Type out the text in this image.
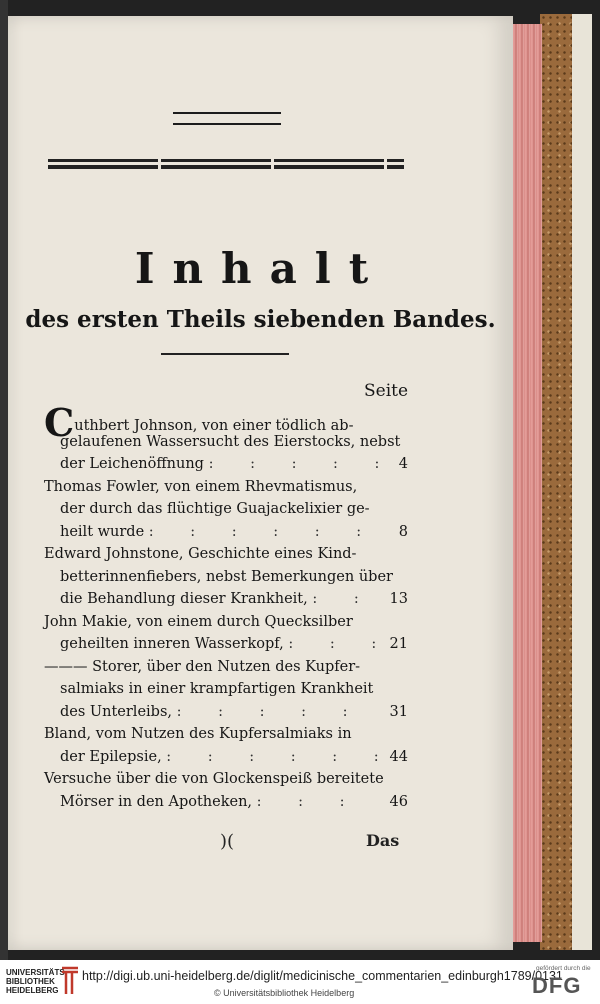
Inhalt
des ersten Theils siebenden Bandes.
Seite
Cuthbert Johnson, von einer tödlich ab-
gelaufenen Wassersucht des Eierstocks, nebst
der Leichenöffnung : : : : : 4
Thomas Fowler, von einem Rhevmatismus,
der durch das flüchtige Guajackelixier ge-
heilt wurde : : : : : :	8
Edward Johnstone, Geschichte eines Kind-
betterinnenfiebers, nebst Bemerkungen über
die Behandlung dieser Krankheit, : :	13
John Makie, von einem durch Quecksilber
geheilten inneren Wasserkopf, : : :
21
——— Storer, über den Nutzen des Kupfer-
salmiaks in einer krampfartigen Krankheit
des Unterleibs, : : : : :	31
Bland, vom Nutzen des Kupfersalmiaks in
der Epilepsie, : : : : : :
44
Versuche über die von Glockenspeiß bereitete
Mörser in den Apotheken, : : :	46
)(	Das
UNIVERSITÄTS-
BIBLIOTHEK
HEIDELBERG
http://digi.ub.uni-heidelberg.de/diglit/medicinische_commentarien_edinburgh1789/0131
© Universitätsbibliothek Heidelberg
gefördert durch die
DFG
